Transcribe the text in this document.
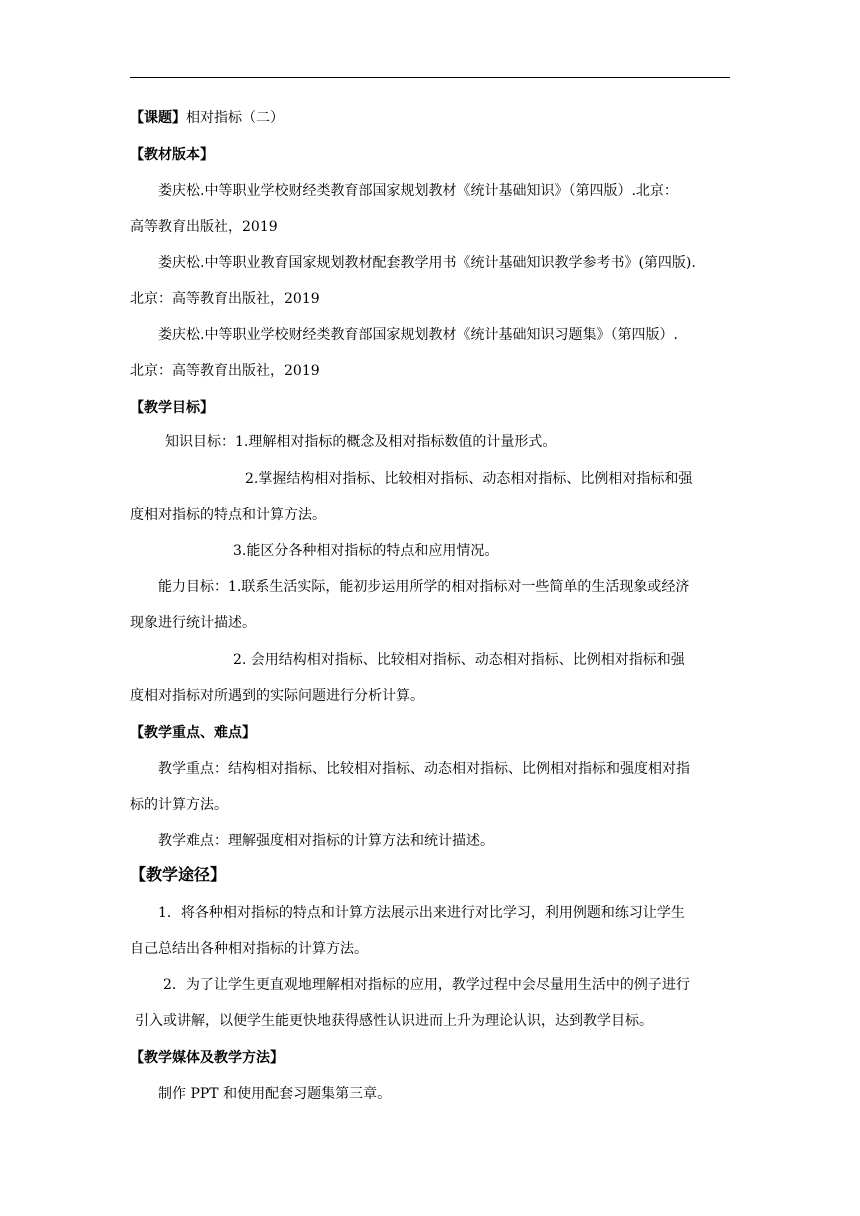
【课题】相对指标（二）
【教材版本】
娄庆松.中等职业学校财经类教育部国家规划教材《统计基础知识》（第四版）.北京：
高等教育出版社，2019
娄庆松.中等职业教育国家规划教材配套教学用书《统计基础知识教学参考书》(第四版).
北京：高等教育出版社，2019
娄庆松.中等职业学校财经类教育部国家规划教材《统计基础知识习题集》（第四版）.
北京：高等教育出版社，2019
【教学目标】
知识目标：1.理解相对指标的概念及相对指标数值的计量形式。
2.掌握结构相对指标、比较相对指标、动态相对指标、比例相对指标和强
度相对指标的特点和计算方法。
3.能区分各种相对指标的特点和应用情况。
能力目标：1.联系生活实际，能初步运用所学的相对指标对一些简单的生活现象或经济
现象进行统计描述。
2. 会用结构相对指标、比较相对指标、动态相对指标、比例相对指标和强
度相对指标对所遇到的实际问题进行分析计算。
【教学重点、难点】
教学重点：结构相对指标、比较相对指标、动态相对指标、比例相对指标和强度相对指
标的计算方法。
教学难点：理解强度相对指标的计算方法和统计描述。
【教学途径】
1．将各种相对指标的特点和计算方法展示出来进行对比学习，利用例题和练习让学生
自己总结出各种相对指标的计算方法。
2．为了让学生更直观地理解相对指标的应用，教学过程中会尽量用生活中的例子进行
引入或讲解，以便学生能更快地获得感性认识进而上升为理论认识，达到教学目标。
【教学媒体及教学方法】
制作 PPT 和使用配套习题集第三章。
